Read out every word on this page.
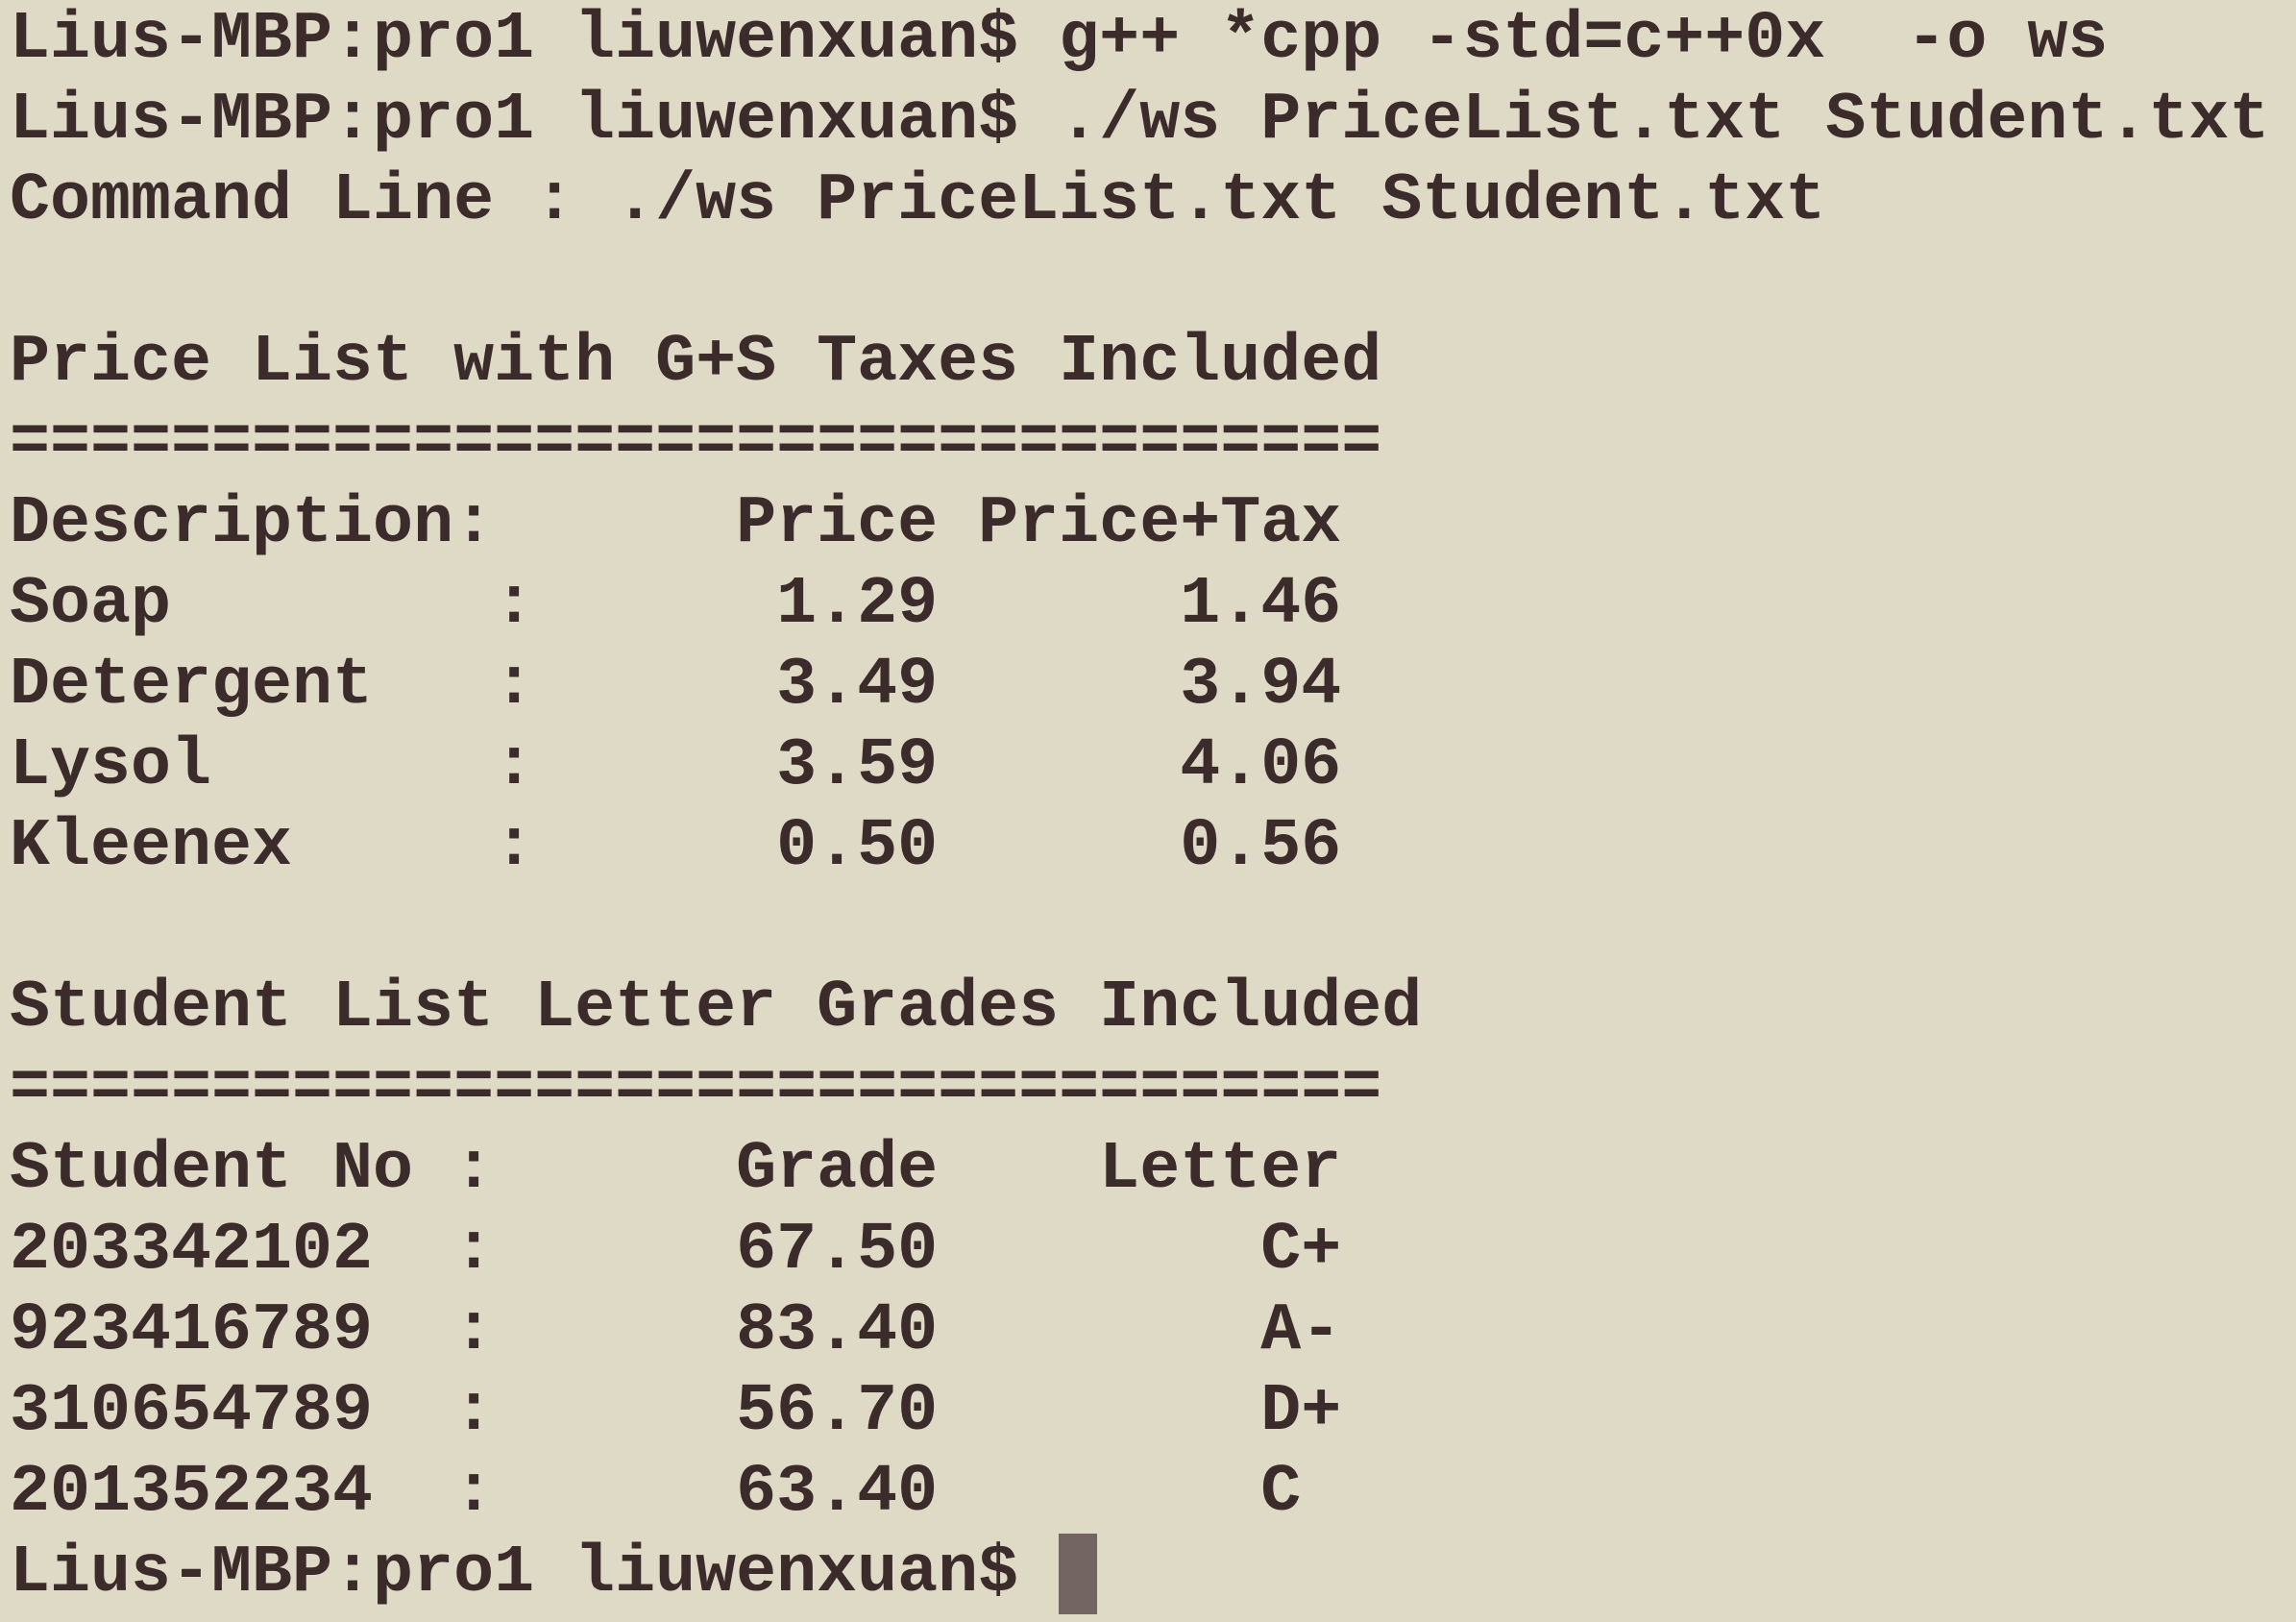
Lius-MBP:pro1 liuwenxuan$ g++ *cpp -std=c++0x  -o ws
Lius-MBP:pro1 liuwenxuan$ ./ws PriceList.txt Student.txt
Command Line : ./ws PriceList.txt Student.txt
Price List with G+S Taxes Included
==================================
Description:      Price Price+Tax
Soap        :      1.29      1.46
Detergent   :      3.49      3.94
Lysol       :      3.59      4.06
Kleenex     :      0.50      0.56
Student List Letter Grades Included
==================================
Student No :      Grade    Letter
203342102  :      67.50        C+
923416789  :      83.40        A-
310654789  :      56.70        D+
201352234  :      63.40        C
Lius-MBP:pro1 liuwenxuan$
